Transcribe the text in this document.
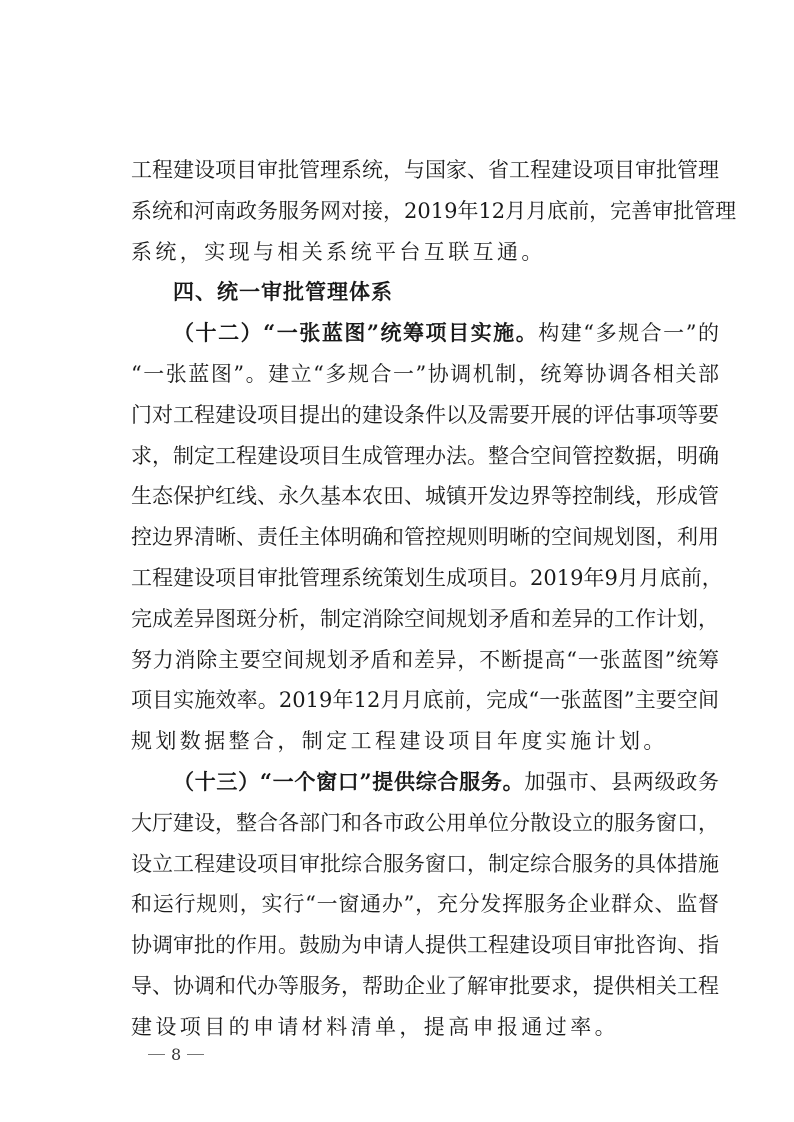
工程建设项目审批管理系统，与国家、省工程建设项目审批管理
系统和河南政务服务网对接，2019年12月月底前，完善审批管理
系统，实现与相关系统平台互联互通。
四、统一审批管理体系
（十二）“一张蓝图”统筹项目实施。构建“多规合一”的
“一张蓝图”。建立“多规合一”协调机制，统筹协调各相关部
门对工程建设项目提出的建设条件以及需要开展的评估事项等要
求，制定工程建设项目生成管理办法。整合空间管控数据，明确
生态保护红线、永久基本农田、城镇开发边界等控制线，形成管
控边界清晰、责任主体明确和管控规则明晰的空间规划图，利用
工程建设项目审批管理系统策划生成项目。2019年9月月底前，
完成差异图斑分析，制定消除空间规划矛盾和差异的工作计划，
努力消除主要空间规划矛盾和差异，不断提高“一张蓝图”统筹
项目实施效率。2019年12月月底前，完成“一张蓝图”主要空间
规划数据整合，制定工程建设项目年度实施计划。
（十三）“一个窗口”提供综合服务。加强市、县两级政务
大厅建设，整合各部门和各市政公用单位分散设立的服务窗口，
设立工程建设项目审批综合服务窗口，制定综合服务的具体措施
和运行规则，实行“一窗通办”，充分发挥服务企业群众、监督
协调审批的作用。鼓励为申请人提供工程建设项目审批咨询、指
导、协调和代办等服务，帮助企业了解审批要求，提供相关工程
建设项目的申请材料清单，提高申报通过率。
8
